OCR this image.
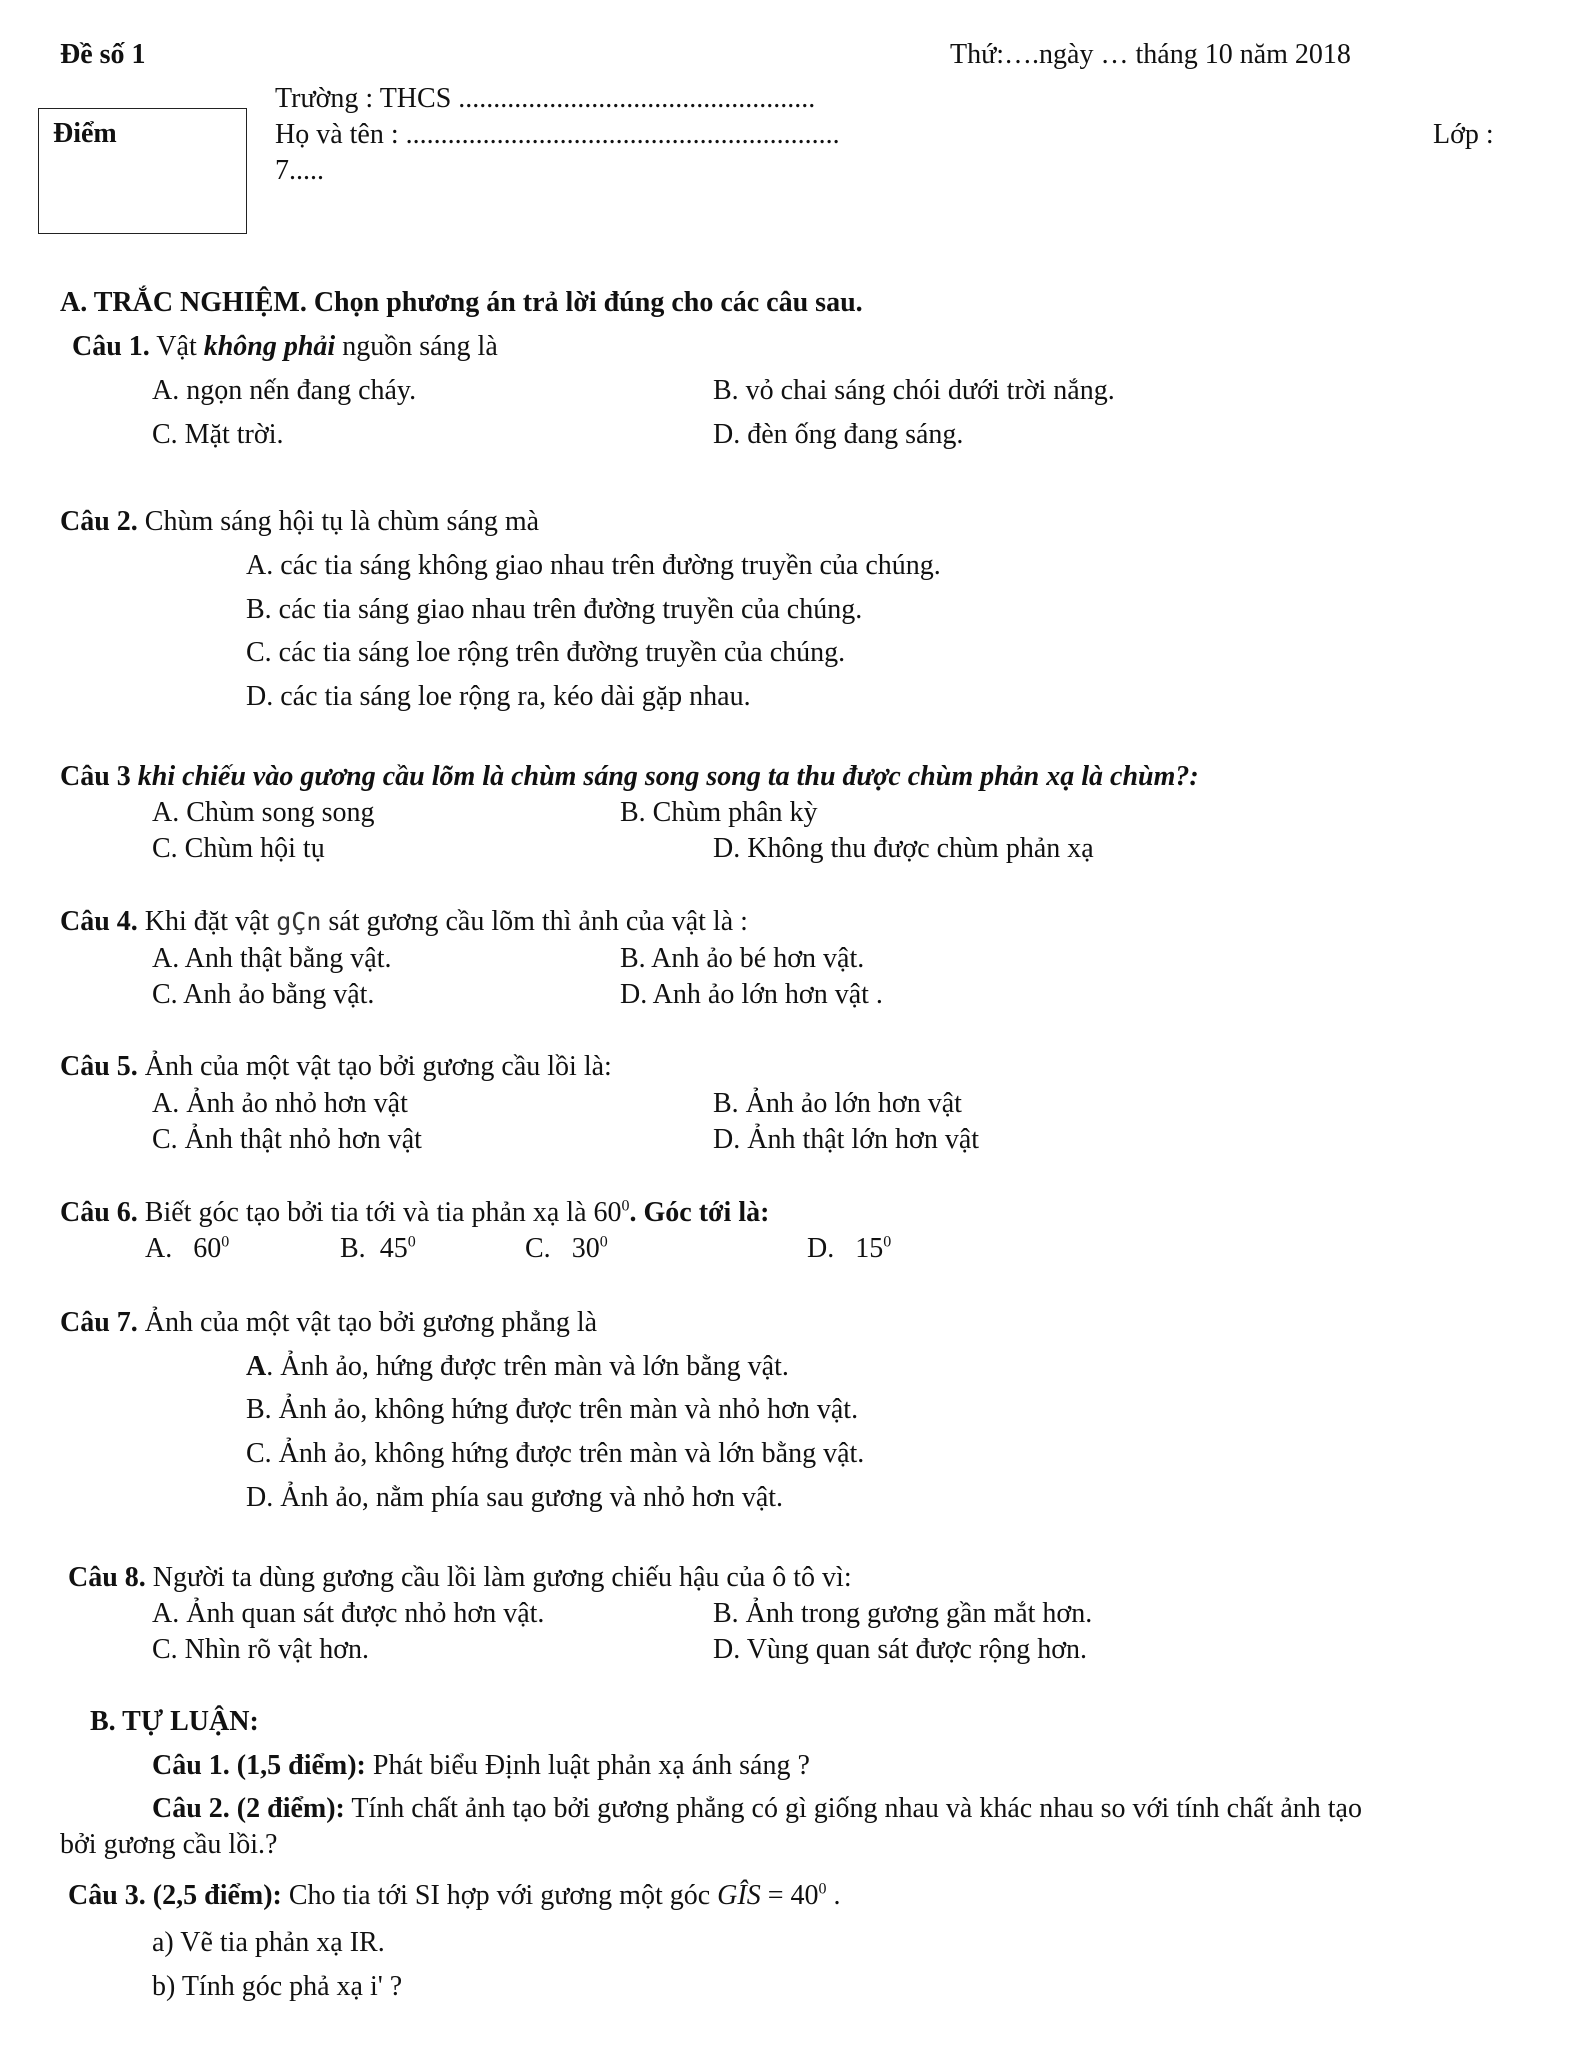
Đề số 1	Thứ:….ngày … tháng 10 năm 2018
Trường : THCS ...................................................
Họ và tên : ..............................................................	Lớp :
7.....
Điểm
A. TRẮC NGHIỆM. Chọn phương án trả lời đúng cho các câu sau.
Câu 1. Vật không phải nguồn sáng là
A. ngọn nến đang cháy.	B. vỏ chai sáng chói dưới trời nắng.
C. Mặt trời.	D. đèn ống đang sáng.
Câu 2. Chùm sáng hội tụ là chùm sáng mà
A. các tia sáng không giao nhau trên đường truyền của chúng.
B. các tia sáng giao nhau trên đường truyền của chúng.
C. các tia sáng loe rộng trên đường truyền của chúng.
D. các tia sáng loe rộng ra, kéo dài gặp nhau.
Câu 3 khi chiếu vào gương cầu lõm là chùm sáng song song ta thu được chùm phản xạ là chùm?:
A. Chùm song song	B. Chùm phân kỳ
C. Chùm hội tụ	D. Không thu được chùm phản xạ
Câu 4. Khi đặt vật gÇn sát gương cầu lõm thì ảnh của vật là :
A. Anh thật bằng vật.	B. Anh ảo bé hơn vật.
C. Anh ảo bằng vật.	D. Anh ảo lớn hơn vật .
Câu 5. Ảnh của một vật tạo bởi gương cầu lồi là:
A. Ảnh ảo nhỏ hơn vật	B. Ảnh ảo lớn hơn vật
C. Ảnh thật nhỏ hơn vật	D. Ảnh thật lớn hơn vật
Câu 6. Biết góc tạo bởi tia tới và tia phản xạ là $60^0$. Góc tới là:
A. $60^0$	B. $45^0$	C. $30^0$	D. $15^0$
Câu 7. Ảnh của một vật tạo bởi gương phẳng là
A. Ảnh ảo, hứng được trên màn và lớn bằng vật.
B. Ảnh ảo, không hứng được trên màn và nhỏ hơn vật.
C. Ảnh ảo, không hứng được trên màn và lớn bằng vật.
D. Ảnh ảo, nằm phía sau gương và nhỏ hơn vật.
Câu 8. Người ta dùng gương cầu lồi làm gương chiếu hậu của ô tô vì:
A. Ảnh quan sát được nhỏ hơn vật.	B. Ảnh trong gương gần mắt hơn.
C. Nhìn rõ vật hơn.	D. Vùng quan sát được rộng hơn.
B. TỰ LUẬN:
Câu 1. (1,5 điểm): Phát biểu Định luật phản xạ ánh sáng ?
Câu 2. (2 điểm): Tính chất ảnh tạo bởi gương phẳng có gì giống nhau và khác nhau so với tính chất ảnh tạo
bởi gương cầu lồi.?
Câu 3. (2,5 điểm): Cho tia tới SI hợp với gương một góc GÎS = $40^0$ .
a) Vẽ tia phản xạ IR.
b) Tính góc phả xạ i' ?
